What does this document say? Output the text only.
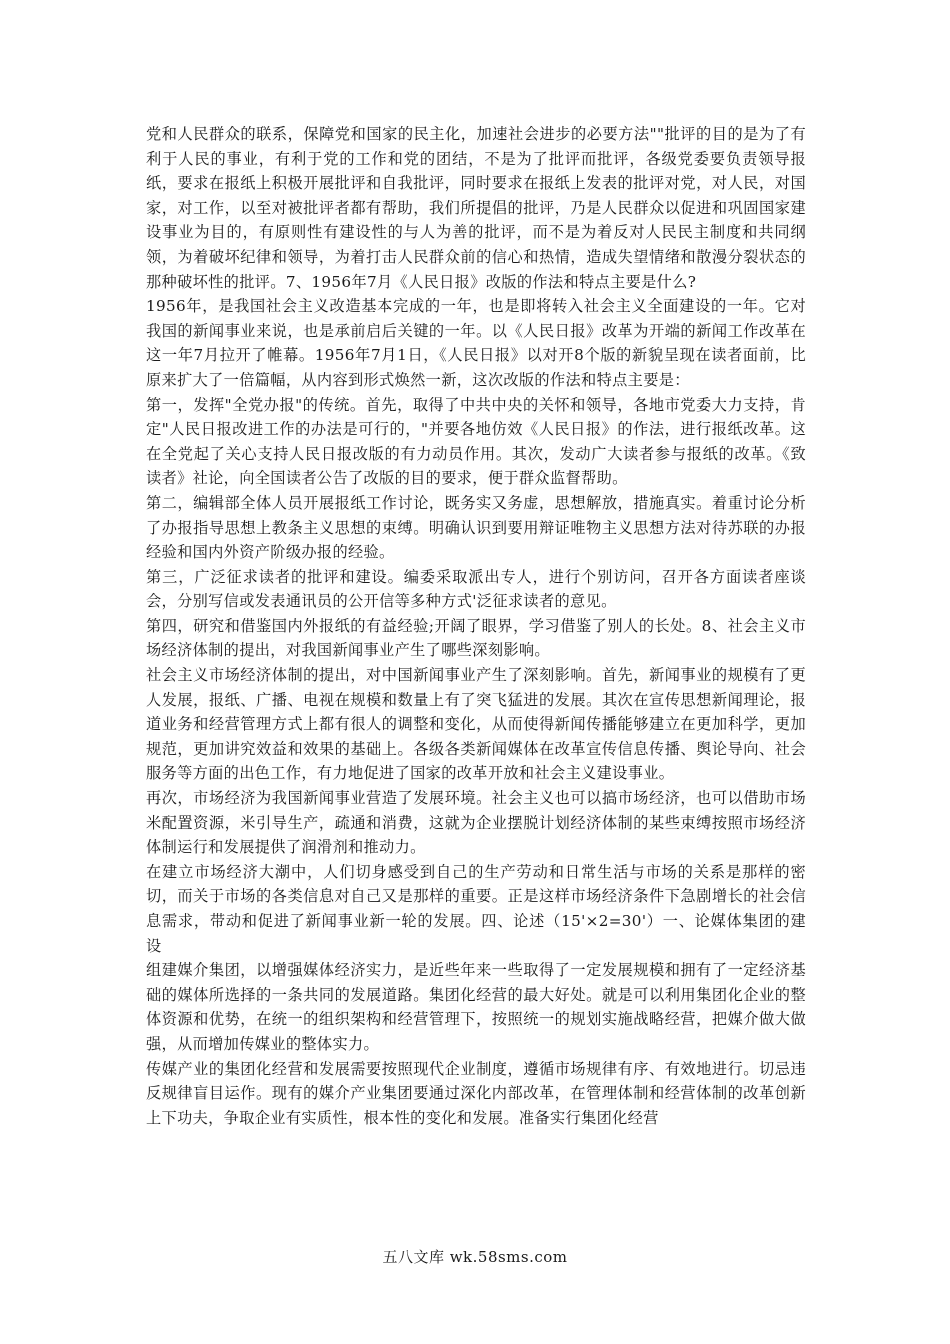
党和人民群众的联系，保障党和国家的民主化，加速社会进步的必要方法""批评的目的是为了有利于人民的事业，有利于党的工作和党的团结，不是为了批评而批评，各级党委要负责领导报纸，要求在报纸上积极开展批评和自我批评，同时要求在报纸上发表的批评对党，对人民，对国家，对工作，以至对被批评者都有帮助，我们所提倡的批评，乃是人民群众以促进和巩固国家建设事业为目的，有原则性有建设性的与人为善的批评，而不是为着反对人民民主制度和共同纲领，为着破坏纪律和领导，为着打击人民群众前的信心和热情，造成失望情绪和散漫分裂状态的那种破坏性的批评。7、1956年7月《人民日报》改版的作法和特点主要是什么?

1956年，是我国社会主义改造基本完成的一年，也是即将转入社会主义全面建设的一年。它对我国的新闻事业来说，也是承前启后关键的一年。以《人民日报》改革为开端的新闻工作改革在这一年7月拉开了帷幕。1956年7月1日，《人民日报》以对开8个版的新貌呈现在读者面前，比原来扩大了一倍篇幅，从内容到形式焕然一新，这次改版的作法和特点主要是：

第一，发挥"全党办报"的传统。首先，取得了中共中央的关怀和领导，各地市党委大力支持，肯定"人民日报改进工作的办法是可行的，"并要各地仿效《人民日报》的作法，进行报纸改革。这在全党起了关心支持人民日报改版的有力动员作用。其次，发动广大读者参与报纸的改革。《致读者》社论，向全国读者公告了改版的目的要求，便于群众监督帮助。

第二，编辑部全体人员开展报纸工作讨论，既务实又务虚，思想解放，措施真实。着重讨论分析了办报指导思想上教条主义思想的束缚。明确认识到要用辩证唯物主义思想方法对待苏联的办报经验和国内外资产阶级办报的经验。

第三，广泛征求读者的批评和建设。编委采取派出专人，进行个别访问，召开各方面读者座谈会，分别写信或发表通讯员的公开信等多种方式'泛征求读者的意见。

第四，研究和借鉴国内外报纸的有益经验;开阔了眼界，学习借鉴了别人的长处。8、社会主义市场经济体制的提出，对我国新闻事业产生了哪些深刻影响。

社会主义市场经济体制的提出，对中国新闻事业产生了深刻影响。首先，新闻事业的规模有了更人发展，报纸、广播、电视在规模和数量上有了突飞猛进的发展。其次在宣传思想新闻理论，报道业务和经营管理方式上都有很人的调整和变化，从而使得新闻传播能够建立在更加科学，更加规范，更加讲究效益和效果的基础上。各级各类新闻媒体在改革宣传信息传播、舆论导向、社会服务等方面的出色工作，有力地促进了国家的改革开放和社会主义建设事业。

再次，市场经济为我国新闻事业营造了发展环境。社会主义也可以搞市场经济，也可以借助市场米配置资源，米引导生产，疏通和消费，这就为企业摆脱计划经济体制的某些束缚按照市场经济体制运行和发展提供了润滑剂和推动力。

在建立市场经济大潮中，人们切身感受到自己的生产劳动和日常生活与市场的关系是那样的密切，而关于市场的各类信息对自己又是那样的重要。正是这样市场经济条件下急剧增长的社会信息需求，带动和促进了新闻事业新一轮的发展。四、论述（15'×2=30'）一、论媒体集团的建设

组建媒介集团，以增强媒体经济实力，是近些年来一些取得了一定发展规模和拥有了一定经济基础的媒体所选择的一条共同的发展道路。集团化经营的最大好处。就是可以利用集团化企业的整体资源和优势，在统一的组织架构和经营管理下，按照统一的规划实施战略经营，把媒介做大做强，从而增加传媒业的整体实力。

传媒产业的集团化经营和发展需要按照现代企业制度，遵循市场规律有序、有效地进行。切忌违反规律盲目运作。现有的媒介产业集团要通过深化内部改革，在管理体制和经营体制的改革创新上下功夫，争取企业有实质性，根本性的变化和发展。准备实行集团化经营

五八文库 wk.58sms.com
